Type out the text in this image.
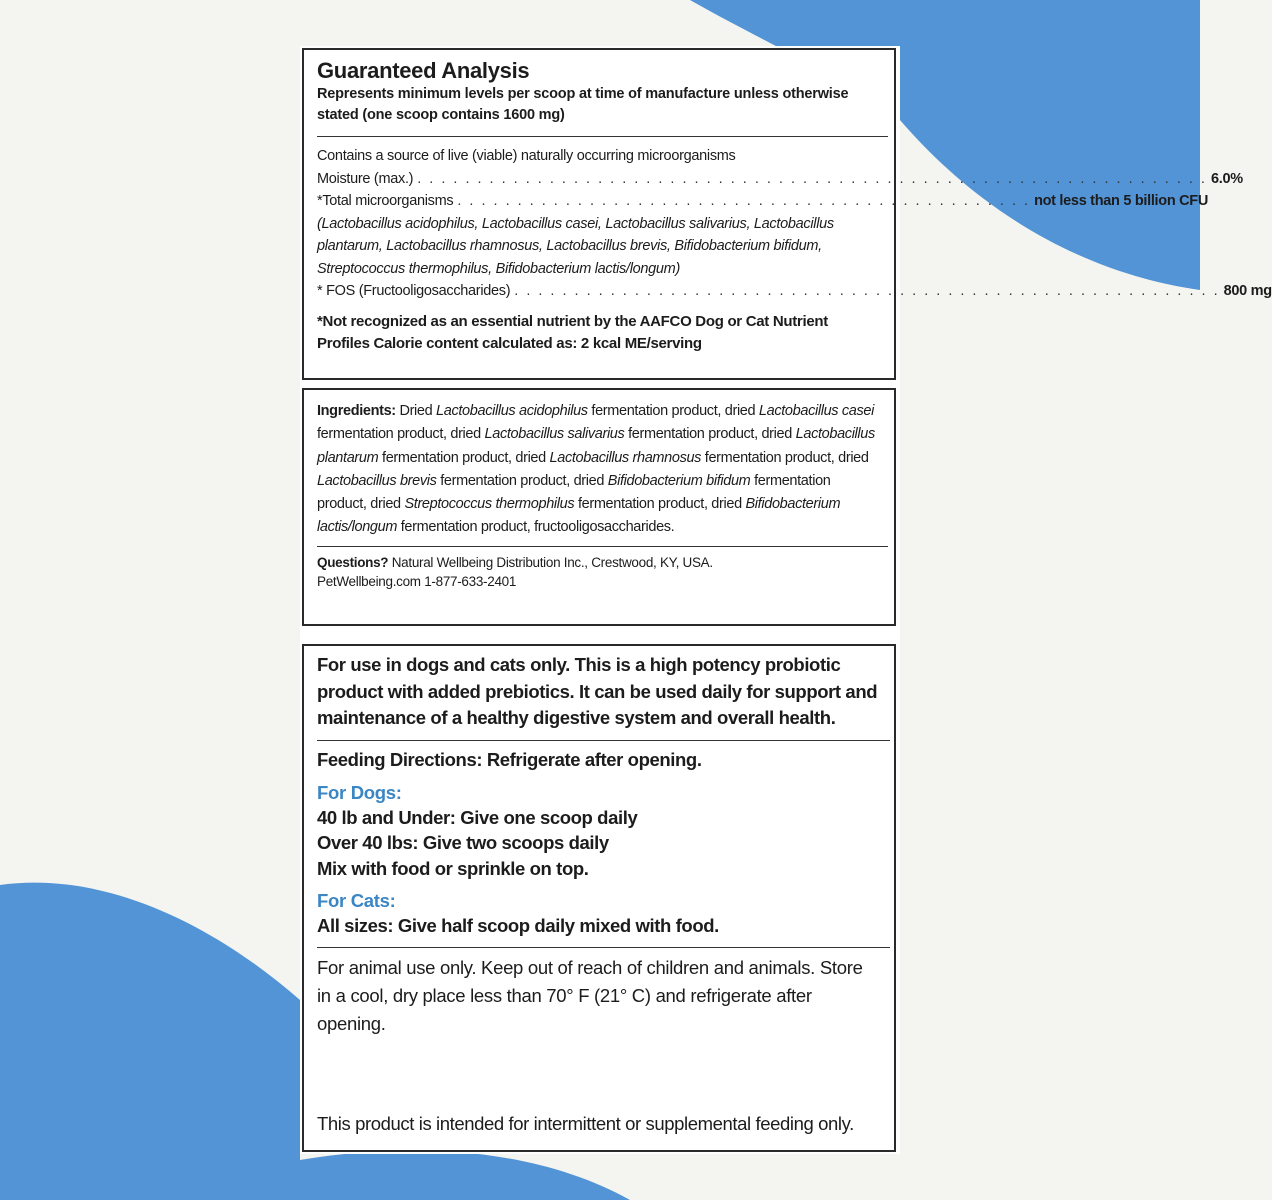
Guaranteed Analysis
Represents minimum levels per scoop at time of manufacture unless otherwise stated (one scoop contains 1600 mg)
Contains a source of live (viable) naturally occurring microorganisms
Moisture (max.) . . . . . . . . . . . . . . . . . . . . . . . . . . . . . . . . . . . . . . . . . . . . . . . . . . . . . . . . . . . . . . . . . . 6.0%
*Total microorganisms . . . . . . . . . . . . . . . . . . . . . . . . . . . . . . . . . . . . . . . . . . . . . . . . not less than 5 billion CFU
(Lactobacillus acidophilus, Lactobacillus casei, Lactobacillus salivarius, Lactobacillus plantarum, Lactobacillus rhamnosus, Lactobacillus brevis, Bifidobacterium bifidum, Streptococcus thermophilus, Bifidobacterium lactis/longum)
* FOS (Fructooligosaccharides) . . . . . . . . . . . . . . . . . . . . . . . . . . . . . . . . . . . . . . . . . . . . . . . . . . . . . . . . . . . 800 mg
*Not recognized as an essential nutrient by the AAFCO Dog or Cat Nutrient Profiles Calorie content calculated as: 2 kcal ME/serving
Ingredients: Dried Lactobacillus acidophilus fermentation product, dried Lactobacillus casei fermentation product, dried Lactobacillus salivarius fermentation product, dried Lactobacillus plantarum fermentation product, dried Lactobacillus rhamnosus fermentation product, dried Lactobacillus brevis fermentation product, dried Bifidobacterium bifidum fermentation product, dried Streptococcus thermophilus fermentation product, dried Bifidobacterium lactis/longum fermentation product, fructooligosaccharides.
Questions? Natural Wellbeing Distribution Inc., Crestwood, KY, USA.
PetWellbeing.com 1-877-633-2401
For use in dogs and cats only. This is a high potency probiotic product with added prebiotics. It can be used daily for support and maintenance of a healthy digestive system and overall health.
Feeding Directions: Refrigerate after opening.
For Dogs:
40 lb and Under: Give one scoop daily
Over 40 lbs: Give two scoops daily
Mix with food or sprinkle on top.
For Cats:
All sizes: Give half scoop daily mixed with food.
For animal use only. Keep out of reach of children and animals. Store in a cool, dry place less than 70° F (21° C) and refrigerate after opening.
This product is intended for intermittent or supplemental feeding only.
